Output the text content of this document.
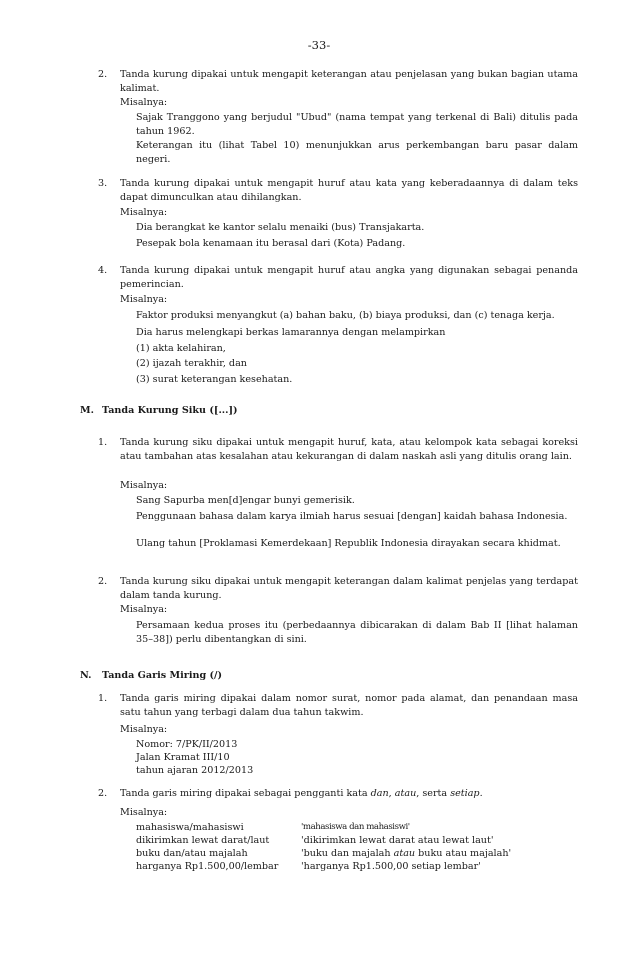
-33-
2. Tanda kurung dipakai untuk mengapit keterangan atau penjelasan yang bukan bagian utama kalimat.
Misalnya:
Sajak Tranggono yang berjudul "Ubud" (nama tempat yang terkenal di Bali) ditulis pada tahun 1962.
Keterangan itu (lihat Tabel 10) menunjukkan arus perkembangan baru pasar dalam negeri.
3. Tanda kurung dipakai untuk mengapit huruf atau kata yang keberadaannya di dalam teks dapat dimunculkan atau dihilangkan.
Misalnya:
Dia berangkat ke kantor selalu menaiki (bus) Transjakarta.
Pesepak bola kenamaan itu berasal dari (Kota) Padang.
4. Tanda kurung dipakai untuk mengapit huruf atau angka yang digunakan sebagai penanda pemerincian.
Misalnya:
Faktor produksi menyangkut (a) bahan baku, (b) biaya produksi, dan (c) tenaga kerja.
Dia harus melengkapi berkas lamarannya dengan melampirkan
(1) akta kelahiran,
(2) ijazah terakhir, dan
(3) surat keterangan kesehatan.
M. Tanda Kurung Siku ([...])
1. Tanda kurung siku dipakai untuk mengapit huruf, kata, atau kelompok kata sebagai koreksi atau tambahan atas kesalahan atau kekurangan di dalam naskah asli yang ditulis orang lain.
Misalnya:
Sang Sapurba men[d]engar bunyi gemerisik.
Penggunaan bahasa dalam karya ilmiah harus sesuai [dengan] kaidah bahasa Indonesia.
Ulang tahun [Proklamasi Kemerdekaan] Republik Indonesia dirayakan secara khidmat.
2. Tanda kurung siku dipakai untuk mengapit keterangan dalam kalimat penjelas yang terdapat dalam tanda kurung.
Misalnya:
Persamaan kedua proses itu (perbedaannya dibicarakan di dalam Bab II [lihat halaman 35–38]) perlu dibentangkan di sini.
N. Tanda Garis Miring (/)
1. Tanda garis miring dipakai dalam nomor surat, nomor pada alamat, dan penandaan masa satu tahun yang terbagi dalam dua tahun takwim.
Misalnya:
Nomor: 7/PK/II/2013
Jalan Kramat III/10
tahun ajaran 2012/2013
2. Tanda garis miring dipakai sebagai pengganti kata dan, atau, serta setiap.
Misalnya:
mahasiswa/mahasiswi	'mahasiswa dan mahasiswi'
dikirimkan lewat darat/laut	'dikirimkan lewat darat atau lewat laut'
buku dan/atau majalah	'buku dan majalah atau buku atau majalah'
harganya Rp1.500,00/lembar 'harganya Rp1.500,00 setiap lembar'
